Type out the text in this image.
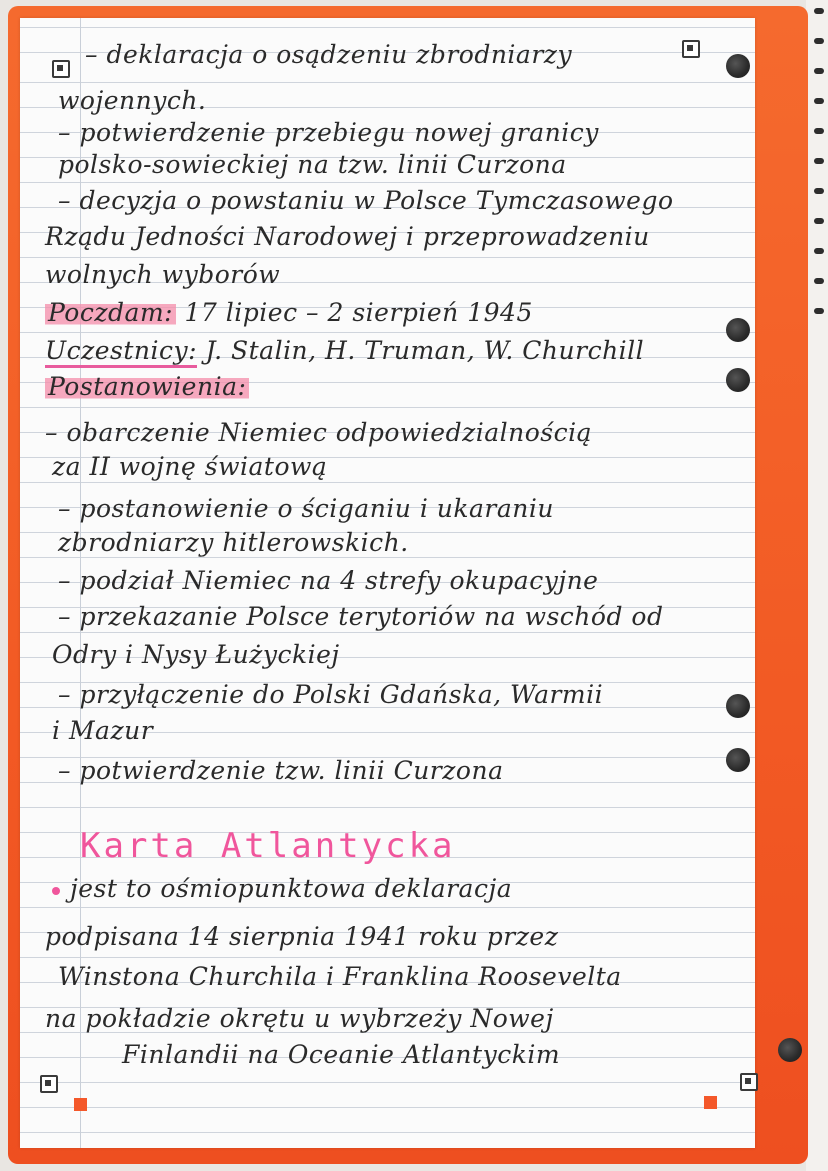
– deklaracja o osądzeniu zbrodniarzy
wojennych.
– potwierdzenie przebiegu nowej granicy
polsko-sowieckiej na tzw. linii Curzona
– decyzja o powstaniu w Polsce Tymczasowego
Rządu Jedności Narodowej i przeprowadzeniu
wolnych wyborów
Poczdam: 17 lipiec – 2 sierpień 1945
Uczestnicy: J. Stalin, H. Truman, W. Churchill
Postanowienia:
– obarczenie Niemiec odpowiedzialnością
za II wojnę światową
– postanowienie o ściganiu i ukaraniu
zbrodniarzy hitlerowskich.
– podział Niemiec na 4 strefy okupacyjne
– przekazanie Polsce terytoriów na wschód od
Odry i Nysy Łużyckiej
– przyłączenie do Polski Gdańska, Warmii
i Mazur
– potwierdzenie tzw. linii Curzona
Karta Atlantycka
jest to ośmiopunktowa deklaracja
podpisana 14 sierpnia 1941 roku przez
Winstona Churchila i Franklina Roosevelta
na pokładzie okrętu u wybrzeży Nowej
Finlandii na Oceanie Atlantyckim
